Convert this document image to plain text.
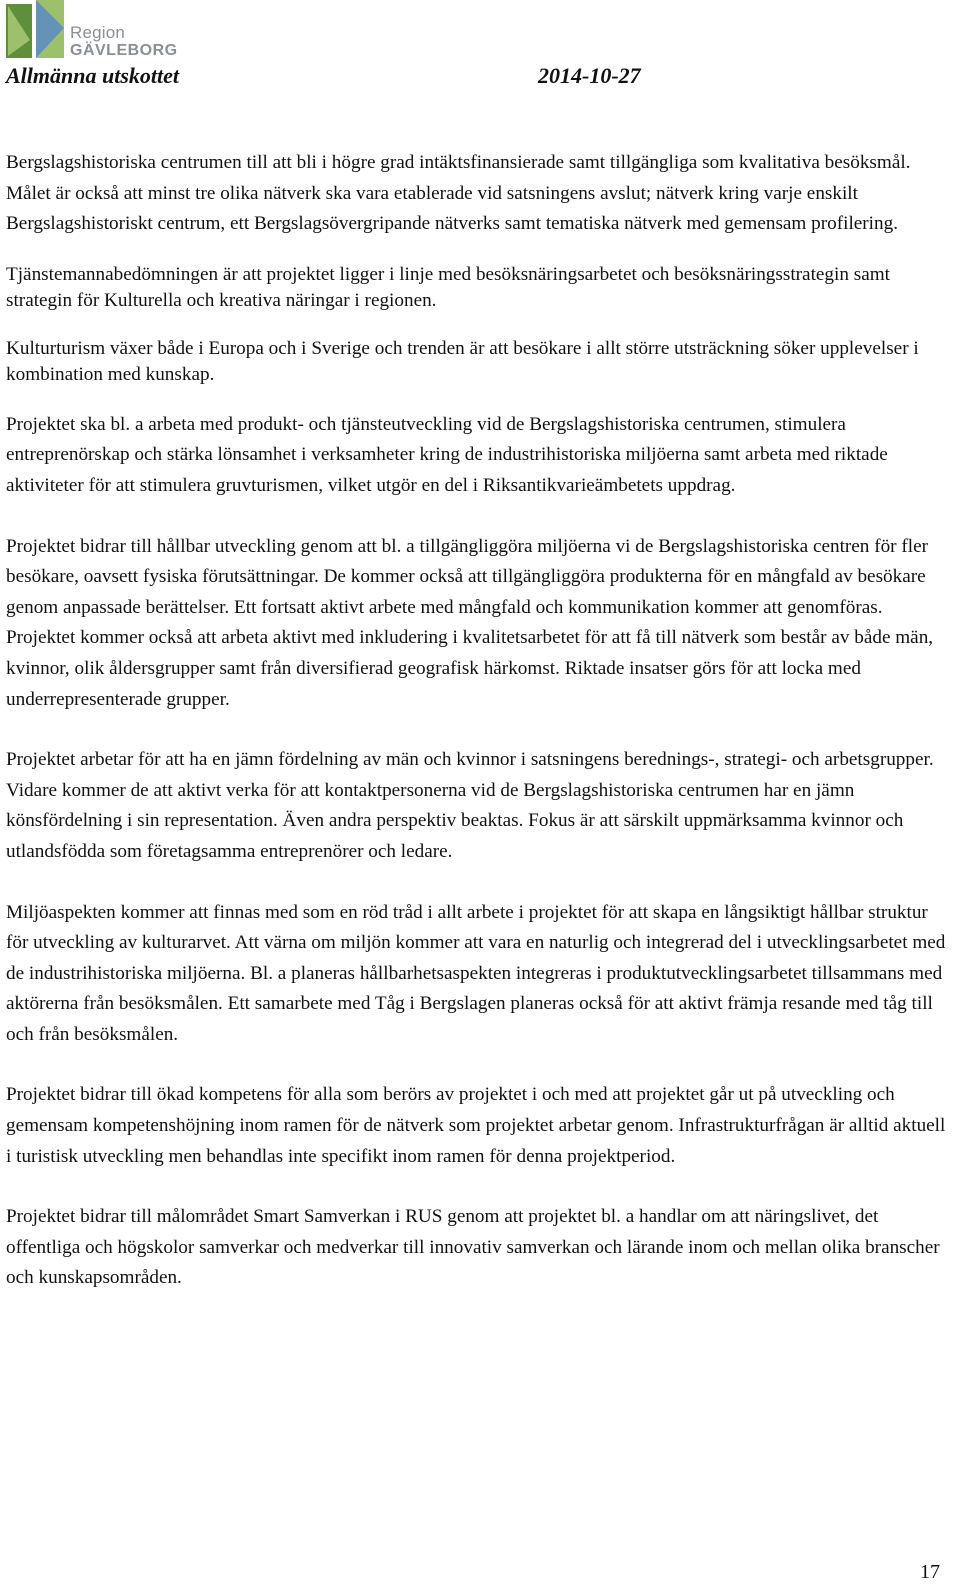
Region
GÄVLEBORG
Allmänna utskottet	2014-10-27

Bergslagshistoriska centrumen till att bli i högre grad intäktsfinansierade samt tillgängliga som kvalitativa besöksmål. Målet är också att minst tre olika nätverk ska vara etablerade vid satsningens avslut; nätverk kring varje enskilt Bergslagshistoriskt centrum, ett Bergslagsövergripande nätverks samt tematiska nätverk med gemensam profilering.

Tjänstemannabedömningen är att projektet ligger i linje med besöksnäringsarbetet och besöksnäringsstrategin samt strategin för Kulturella och kreativa näringar i regionen.

Kulturturism växer både i Europa och i Sverige och trenden är att besökare i allt större utsträckning söker upplevelser i kombination med kunskap.

Projektet ska bl. a arbeta med produkt- och tjänsteutveckling vid de Bergslagshistoriska centrumen, stimulera entreprenörskap och stärka lönsamhet i verksamheter kring de industrihistoriska miljöerna samt arbeta med riktade aktiviteter för att stimulera gruvturismen, vilket utgör en del i Riksantikvarieämbetets uppdrag.

Projektet bidrar till hållbar utveckling genom att bl. a tillgängliggöra miljöerna vi de Bergslagshistoriska centren för fler besökare, oavsett fysiska förutsättningar. De kommer också att tillgängliggöra produkterna för en mångfald av besökare genom anpassade berättelser. Ett fortsatt aktivt arbete med mångfald och kommunikation kommer att genomföras. Projektet kommer också att arbeta aktivt med inkludering i kvalitetsarbetet för att få till nätverk som består av både män, kvinnor, olik åldersgrupper samt från diversifierad geografisk härkomst. Riktade insatser görs för att locka med underrepresenterade grupper.

Projektet arbetar för att ha en jämn fördelning av män och kvinnor i satsningens berednings-, strategi- och arbetsgrupper. Vidare kommer de att aktivt verka för att kontaktpersonerna vid de Bergslagshistoriska centrumen har en jämn könsfördelning i sin representation. Även andra perspektiv beaktas. Fokus är att särskilt uppmärksamma kvinnor och utlandsfödda som företagsamma entreprenörer och ledare.

Miljöaspekten kommer att finnas med som en röd tråd i allt arbete i projektet för att skapa en långsiktigt hållbar struktur för utveckling av kulturarvet. Att värna om miljön kommer att vara en naturlig och integrerad del i utvecklingsarbetet med de industrihistoriska miljöerna. Bl. a planeras hållbarhetsaspekten integreras i produktutvecklingsarbetet tillsammans med aktörerna från besöksmålen. Ett samarbete med Tåg i Bergslagen planeras också för att aktivt främja resande med tåg till och från besöksmålen.

Projektet bidrar till ökad kompetens för alla som berörs av projektet i och med att projektet går ut på utveckling och gemensam kompetenshöjning inom ramen för de nätverk som projektet arbetar genom. Infrastrukturfrågan är alltid aktuell i turistisk utveckling men behandlas inte specifikt inom ramen för denna projektperiod.

Projektet bidrar till målområdet Smart Samverkan i RUS genom att projektet bl. a handlar om att näringslivet, det offentliga och högskolor samverkar och medverkar till innovativ samverkan och lärande inom och mellan olika branscher och kunskapsområden.

17
